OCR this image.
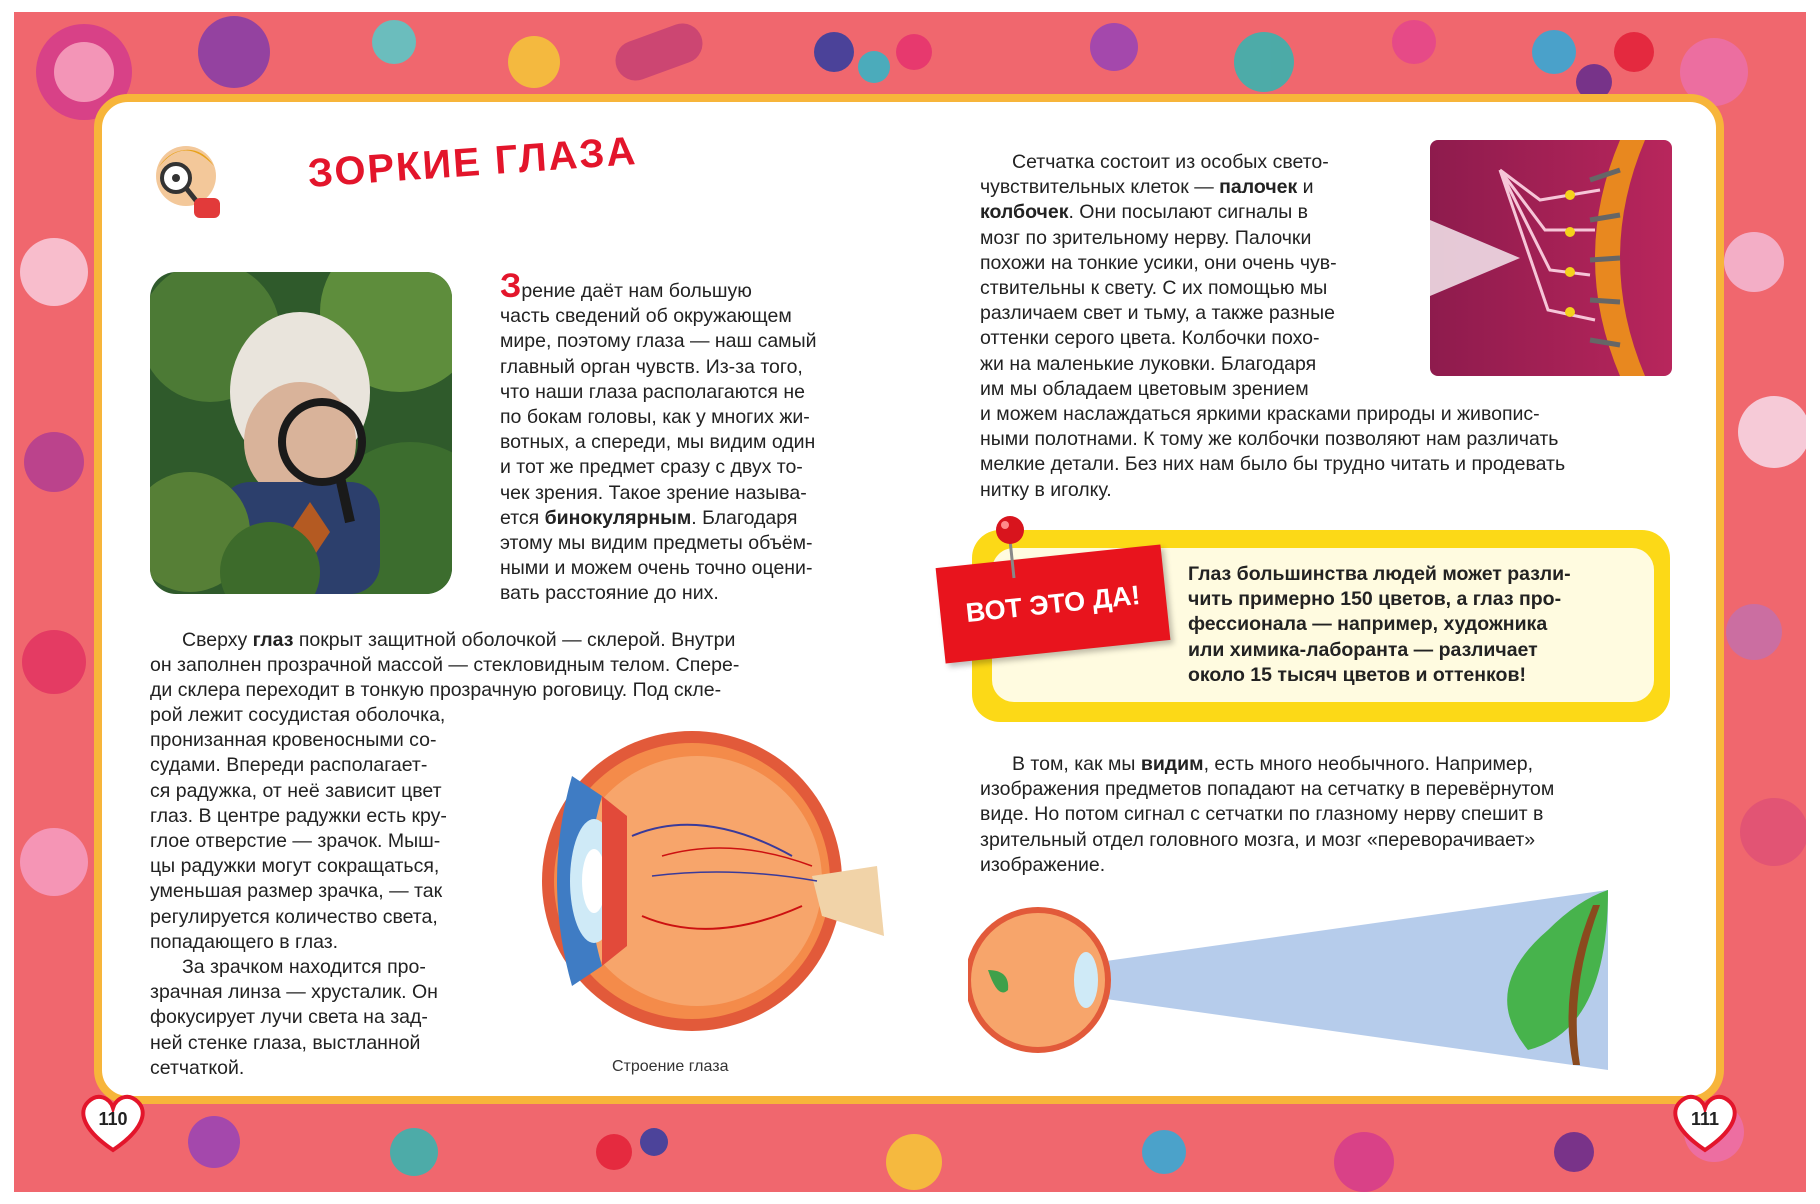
ЗОРКИЕ ГЛАЗА
Зрение даёт нам большую
часть сведений об окружающем
мире, поэтому глаза — наш самый
главный орган чувств. Из-за того,
что наши глаза располагаются не
по бокам головы, как у многих жи-
вотных, а спереди, мы видим один
и тот же предмет сразу с двух то-
чек зрения. Такое зрение называ-
ется бинокулярным. Благодаря
этому мы видим предметы объём-
ными и можем очень точно оцени-
вать расстояние до них.
Сверху глаз покрыт защитной оболочкой — склерой. Внутри
он заполнен прозрачной массой — стекловидным телом. Спере-
ди склера переходит в тонкую прозрачную роговицу. Под скле-
рой лежит сосудистая оболочка,
пронизанная кровеносными со-
судами. Впереди располагает-
ся радужка, от неё зависит цвет
глаз. В центре радужки есть кру-
глое отверстие — зрачок. Мыш-
цы радужки могут сокращаться,
уменьшая размер зрачка, — так
регулируется количество света,
попадающего в глаз.
За зрачком находится про-
зрачная линза — хрусталик. Он
фокусирует лучи света на зад-
ней стенке глаза, выстланной
сетчаткой.	Строение глаза
Сетчатка состоит из особых свето-
чувствительных клеток — палочек и
колбочек. Они посылают сигналы в
мозг по зрительному нерву. Палочки
похожи на тонкие усики, они очень чув-
ствительны к свету. С их помощью мы
различаем свет и тьму, а также разные
оттенки серого цвета. Колбочки похо-
жи на маленькие луковки. Благодаря
им мы обладаем цветовым зрением
и можем наслаждаться яркими красками природы и живопис-
ными полотнами. К тому же колбочки позволяют нам различать
мелкие детали. Без них нам было бы трудно читать и продевать
нитку в иголку.
Глаз большинства людей может разли-
чить примерно 150 цветов, а глаз про-
фессионала — например, художника
или химика-лаборанта — различает
около 15 тысяч цветов и оттенков!
ВОТ ЭТО ДА!
В том, как мы видим, есть много необычного. Например,
изображения предметов попадают на сетчатку в перевёрнутом
виде. Но потом сигнал с сетчатки по глазному нерву спешит в
зрительный отдел головного мозга, и мозг «переворачивает»
изображение.
110	111
